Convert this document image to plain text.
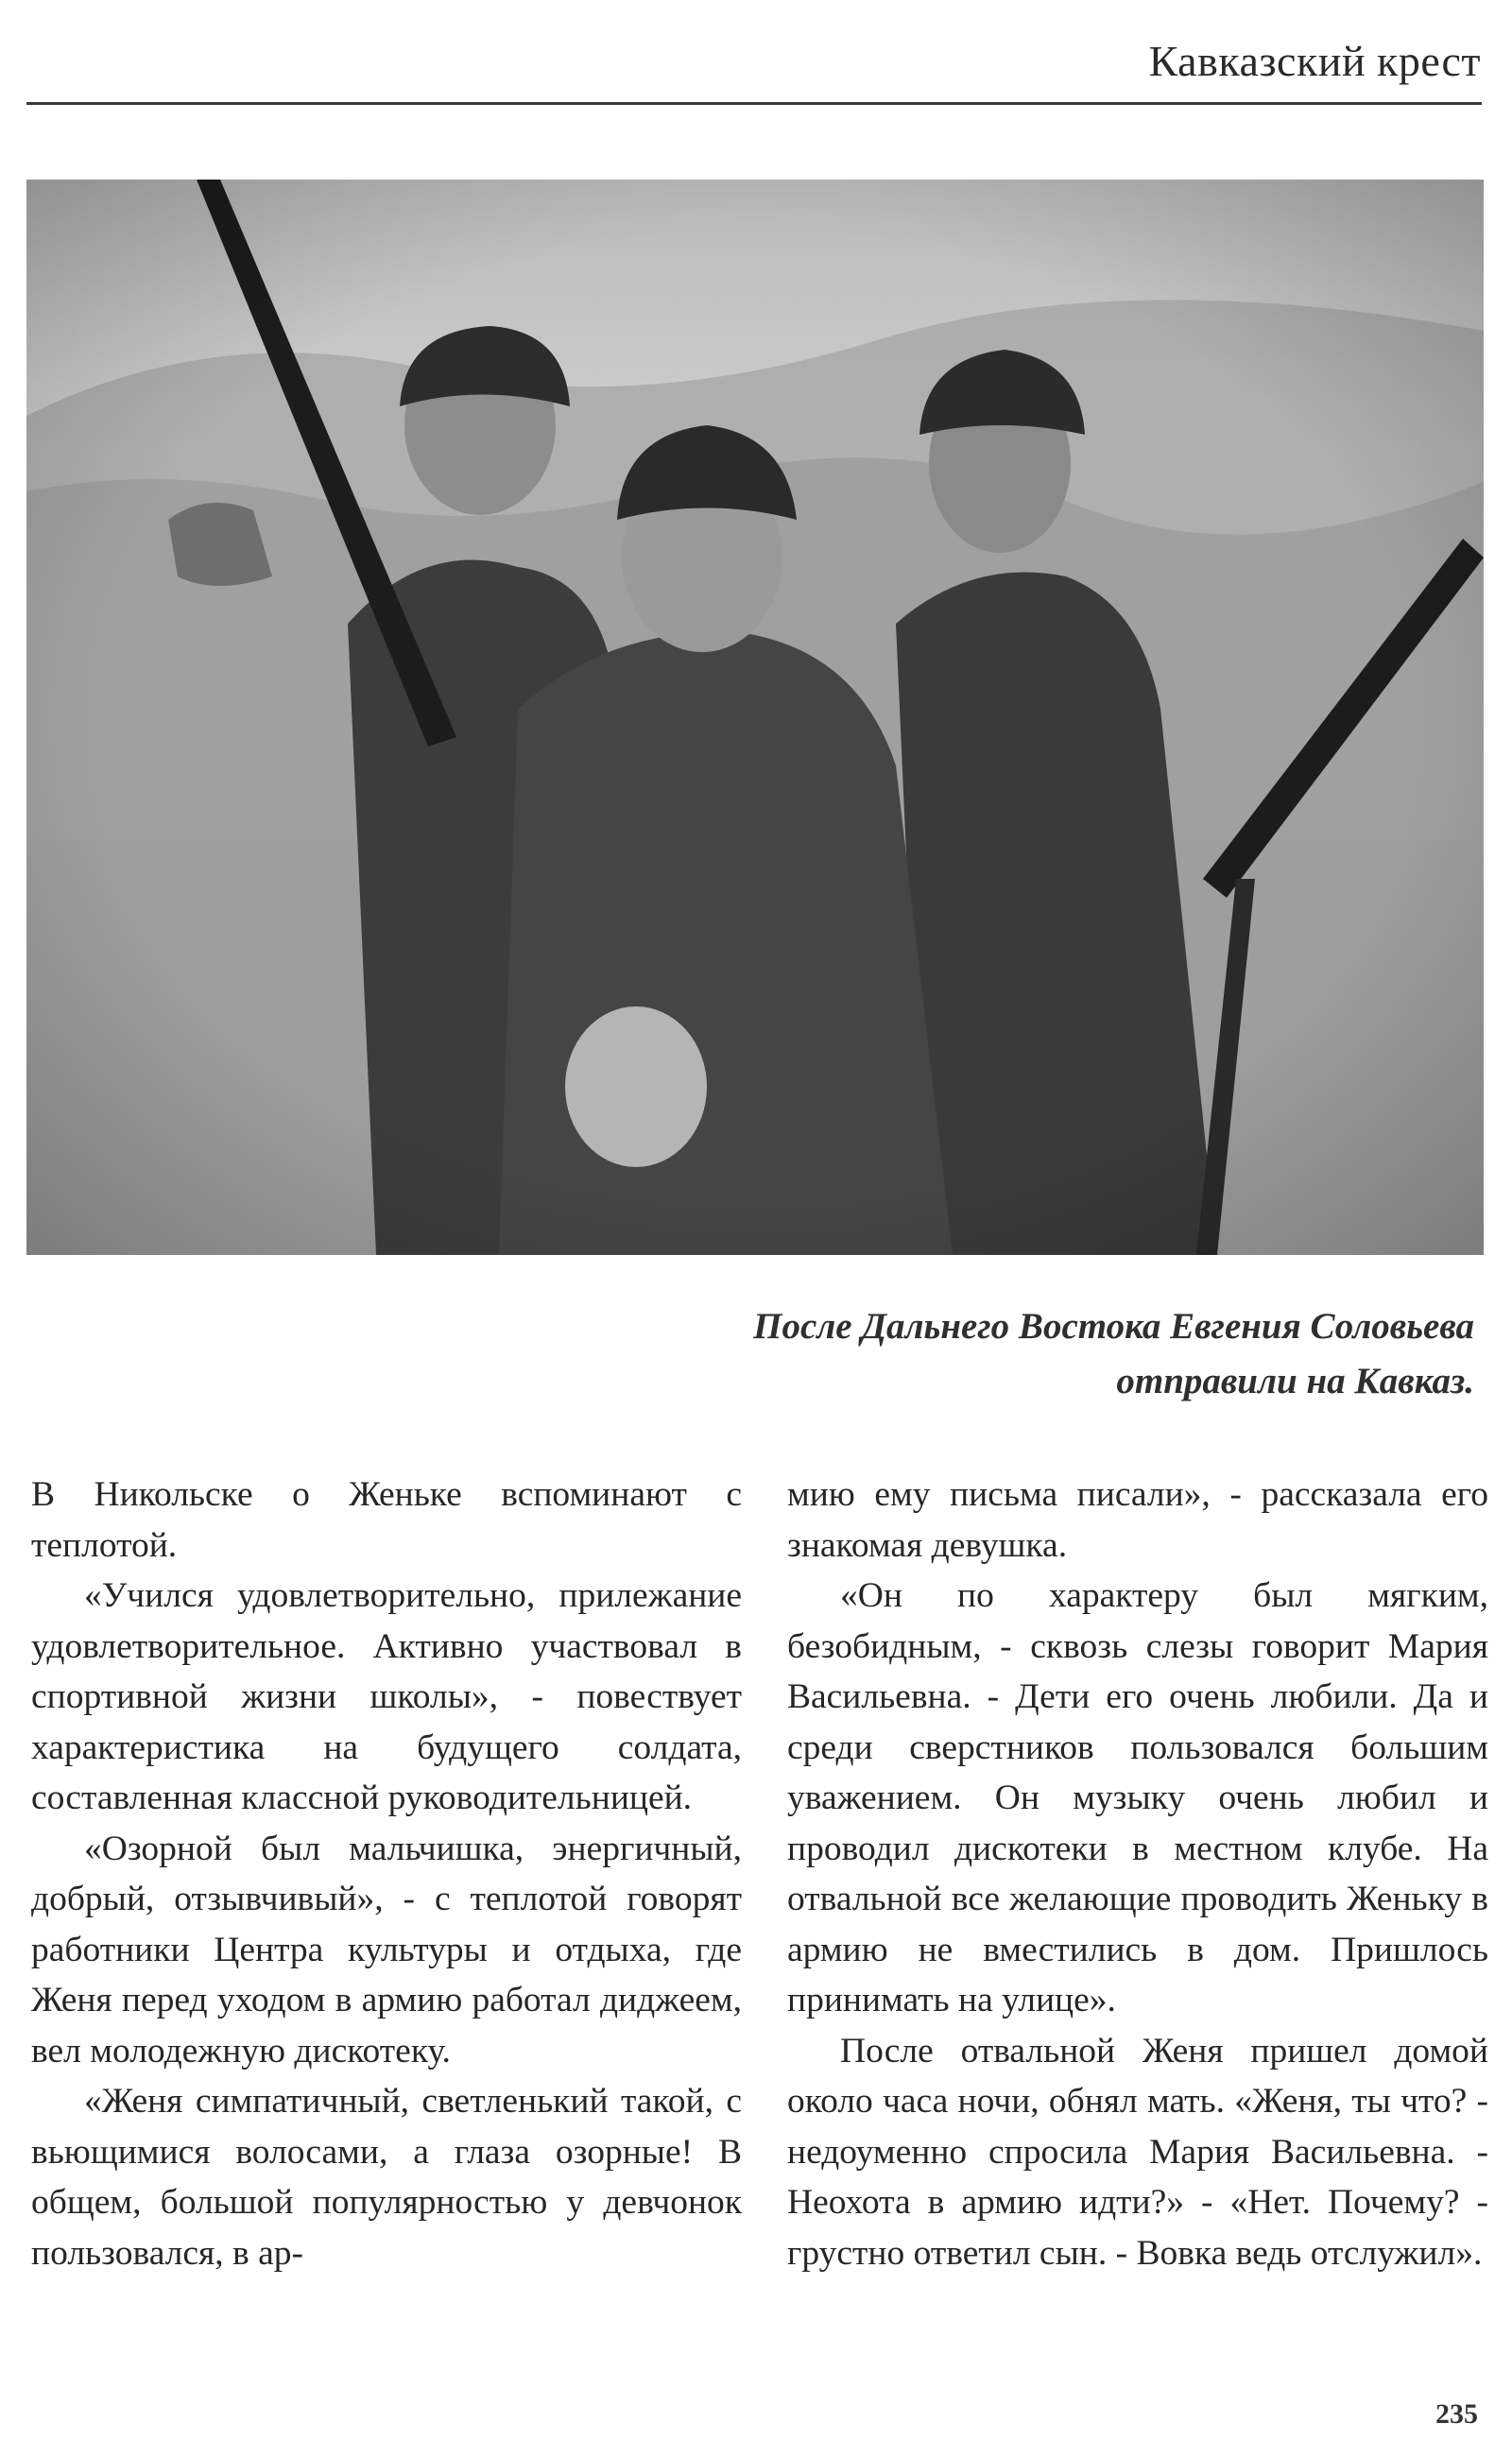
Кавказский крест
После Дальнего Востока Евгения Соловьева
отправили на Кавказ.

В Никольске о Женьке вспоминают с теплотой.

«Учился удовлетворительно, прилежание удовлетворительное. Активно участвовал в спортивной жизни школы», - повествует характеристика на будущего солдата, составленная классной руководительницей.

«Озорной был мальчишка, энергичный, добрый, отзывчивый», - с теплотой говорят работники Центра культуры и отдыха, где Женя перед уходом в армию работал диджеем, вел молодежную дискотеку.

«Женя симпатичный, светленький такой, с вьющимися волосами, а глаза озорные! В общем, большой популярностью у девчонок пользовался, в ар-

мию ему письма писали», - рассказала его знакомая девушка.

«Он по характеру был мягким, безобидным, - сквозь слезы говорит Мария Васильевна. - Дети его очень любили. Да и среди сверстников пользовался большим уважением. Он музыку очень любил и проводил дискотеки в местном клубе. На отвальной все желающие проводить Женьку в армию не вместились в дом. Пришлось принимать на улице».

После отвальной Женя пришел домой около часа ночи, обнял мать. «Женя, ты что? - недоуменно спросила Мария Васильевна. - Неохота в армию идти?» - «Нет. Почему? - грустно ответил сын. - Вовка ведь отслужил».

235
